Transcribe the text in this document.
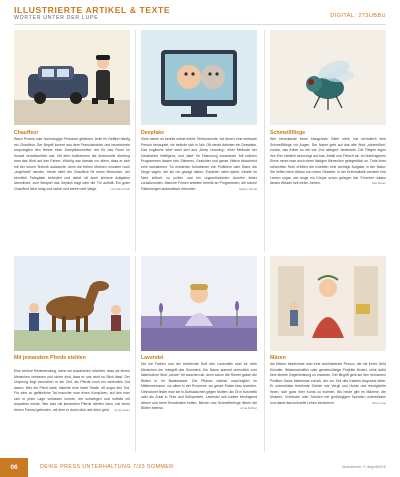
ILLUSTRIERTE ARTIKEL & TEXTE
WÖRTER UNTER DER LUPE	DIGITAL: 273UBBU
Chauffeur
Wann Promis oder hochrangige Personen gefahren, lenkt ihr Gefährt häufig ein Chauffeur. Der Begriff kommt aus dem Französischen und bezeichnete ursprünglich den Heizer einer Dampflokomotive, der für das Feuer im Kessel verantwortlich war. Mit dem Aufkommen der Automobile übertrug man das Wort auf den Fahrer. Wichtig war damals vor allem, dass er sich mit der neuen Technik auskannte, denn die frühen Motoren mussten noch „angeheizt“ werden. Heute steht der Chauffeur für einen Menschen, der beruflich Fahrgäste befördert und dabei oft auch kleinere Aufgaben übernimmt, zum Beispiel das Gepäck trägt oder die Tür aufhält. Ein guter Chauffeur fährt ruhig und sicher und kennt viele Wege.	Lisa Maria Wolf
Deepfake
Viele haben es bereits selbst erlebt: Telefonanrufe, bei denen eine vertraute Person behauptet, sie befinde sich in Not. Oft steckt dahinter ein Deepfake. Das englische Wort setzt sich aus „Deep Learning“, einer Methode der künstlichen Intelligenz, und „fake“ für Fälschung zusammen. Mit solchen Programmen lassen sich Stimmen, Gesichter und ganze Videos täuschend echt nachahmen. So entstehen Aufnahmen von Politikern oder Stars, die Dinge sagen, die sie nie gesagt haben. Experten raten daher, Inhalte im Netz kritisch zu prüfen und bei ungewöhnlichen Anrufen lieber zurückzurufen. Manche Firmen arbeiten bereits an Programmen, die solche Fälschungen automatisch erkennen.	Sabine Wendt
Schmeißfliege
Wer hierzulande einen blaugrünen Käfer sieht, hat vermutlich eine Schmeißfliege vor Augen. Der Name geht auf das alte Wort „schmeißen“ zurück, das früher so viel wie „Kot ablegen“ bedeutete. Die Fliegen legen ihre Eier nämlich bevorzugt auf Aas, Abfall und Fleisch ab. Im übertragenen Sinne nennt man auch einen lästigen Menschen gelegentlich so. Trotz ihres schlechten Rufs erfüllen die Insekten eine wichtige Aufgabe in der Natur: Sie helfen beim Abbau von totem Gewebe. In der Kriminalistik verraten ihre Larven sogar, wie lange ein Körper schon gelegen hat. Forscher nutzen dieses Wissen seit vielen Jahren.	Max Bauer
Mit jemandem Pferde stehlen
Eine schöne Redewendung, wenn wir ausdrücken möchten, dass wir einem Menschen vertrauen und sicher sind, dass er uns nicht im Stich lässt. Der Ursprung liegt vermutlich in der Zeit, als Pferde noch ein wertvolles Gut waren. Wer ein Pferd stahl, riskierte eine harte Strafe, oft sogar den Tod. Für eine so gefährliche Tat brauchte man einen Komplizen, auf den man sich in jeder Lage verlassen konnte, der schweigen und notfalls mit anpacken würde. Wer also mit jemandem Pferde stehlen kann, hat einen treuen Freund gefunden, mit dem er durch dick und dünn geht. Jonas Keller
Lavendel
Die lila Farben und der betörende Duft des Lavendels sind für viele Menschen der Inbegriff des Sommers. Der Name stammt vermutlich vom lateinischen Wort „lavare“ für waschen ab, denn schon die Römer gaben die Blüten in ihr Badewasser. Die Pflanze wächst ursprünglich im Mittelmeerraum, vor allem in der Provence, wo ganze Felder blau leuchten. Getrocknet findet man sie in Duftsäckchen gegen Motten, als Öl in Kosmetik oder als Zutat in Tees und Süßspeisen. Lavendel soll zudem beruhigend wirken und beim Einschlafen helfen. Bienen und Schmetterlinge lieben die Blüten ebenso.	Anna Richter
Mäzen
Als Mäzen bezeichnet man eine wohlhabende Person, die mit ihrem Geld Künstler, Wissenschaftler oder gemeinnützige Projekte fördert, ohne dafür eine direkte Gegenleistung zu erwarten. Der Begriff geht auf den römischen Politiker Gaius Maecenas zurück, der zur Zeit des Kaisers Augustus lebte. Er unterstützte berühmte Dichter wie Vergil und Horaz und ermöglichte ihnen, sich ganz ihrer Kunst zu widmen. Bis heute gibt es Mäzene, die Museen, Orchester oder Schulen mit großzügigen Spenden unterstützen und damit das kulturelle Leben bereichern.	Peter Lang
06	DEIKE PRESS UNTERHALTUNG 7/23 SOMMER	Illustrationen: © deigh/DEIKE
